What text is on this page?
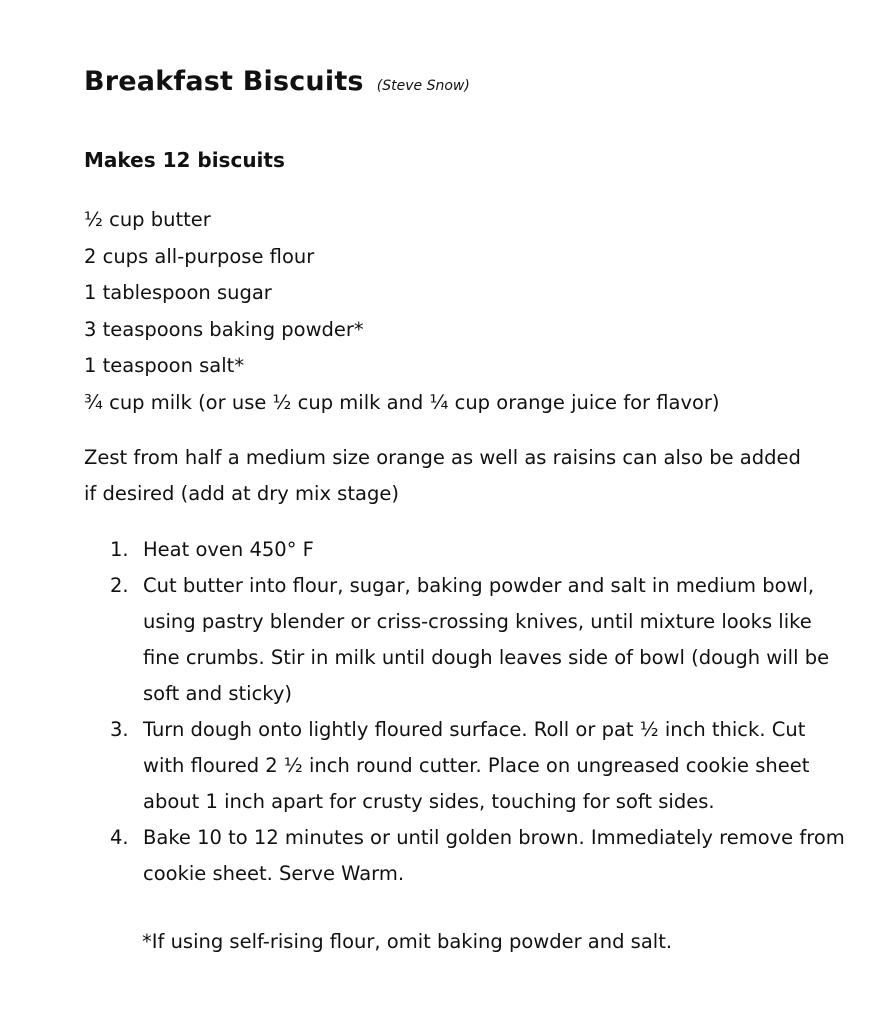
Breakfast Biscuits (Steve Snow)
Makes 12 biscuits
½ cup butter
2 cups all-purpose flour
1 tablespoon sugar
3 teaspoons baking powder*
1 teaspoon salt*
¾ cup milk (or use ½ cup milk and ¼ cup orange juice for flavor)
Zest from half a medium size orange as well as raisins can also be added if desired (add at dry mix stage)
1. Heat oven 450° F
2. Cut butter into flour, sugar, baking powder and salt in medium bowl, using pastry blender or criss-crossing knives, until mixture looks like fine crumbs. Stir in milk until dough leaves side of bowl (dough will be soft and sticky)
3. Turn dough onto lightly floured surface. Roll or pat ½ inch thick. Cut with floured 2 ½ inch round cutter. Place on ungreased cookie sheet about 1 inch apart for crusty sides, touching for soft sides.
4. Bake 10 to 12 minutes or until golden brown. Immediately remove from cookie sheet. Serve Warm.
*If using self-rising flour, omit baking powder and salt.
